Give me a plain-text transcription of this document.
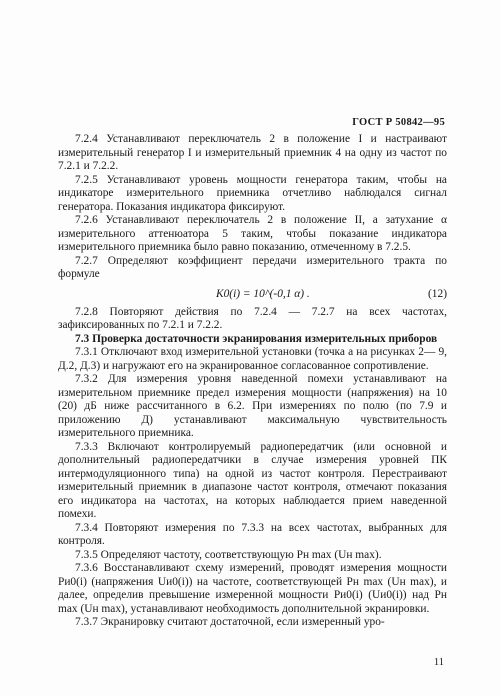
ГОСТ Р 50842—95

7.2.4 Устанавливают переключатель 2 в положение I и настраивают измерительный генератор I и измерительный приемник 4 на одну из частот по 7.2.1 и 7.2.2.

7.2.5 Устанавливают уровень мощности генератора таким, чтобы на индикаторе измерительного приемника отчетливо наблюдался сигнал генератора. Показания индикатора фиксируют.

7.2.6 Устанавливают переключатель 2 в положение II, а затухание α измерительного аттенюатора 5 таким, чтобы показание индикатора измерительного приемника было равно показанию, отмеченному в 7.2.5.

7.2.7 Определяют коэффициент передачи измерительного тракта по формуле

K0(i) = 10^(-0,1 α) .	(12)

7.2.8 Повторяют действия по 7.2.4 — 7.2.7 на всех частотах, зафиксированных по 7.2.1 и 7.2.2.

7.3 Проверка достаточности экранирования измерительных приборов

7.3.1 Отключают вход измерительной установки (точка а на рисунках 2— 9, Д.2, Д.3) и нагружают его на экранированное согласованное сопротивление.

7.3.2 Для измерения уровня наведенной помехи устанавливают на измерительном приемнике предел измерения мощности (напряжения) на 10 (20) дБ ниже рассчитанного в 6.2. При измерениях по полю (по 7.9 и приложению Д) устанавливают максимальную чувствительность измерительного приемника.

7.3.3 Включают контролируемый радиопередатчик (или основной и дополнительный радиопередатчики в случае измерения уровней ПК интермодуляционного типа) на одной из частот контроля. Перестраивают измерительный приемник в диапазоне частот контроля, отмечают показания его индикатора на частотах, на которых наблюдается прием наведенной помехи.

7.3.4 Повторяют измерения по 7.3.3 на всех частотах, выбранных для контроля.

7.3.5 Определяют частоту, соответствующую Pн max (Uн max).

7.3.6 Восстанавливают схему измерений, проводят измерения мощности Pи0(i) (напряжения Uи0(i)) на частоте, соответствующей Pн max (Uн max), и далее, определив превышение измеренной мощности Pи0(i) (Uи0(i)) над Pн max (Uн max), устанавливают необходимость дополнительной экранировки.

7.3.7 Экранировку считают достаточной, если измеренный уро-

11
